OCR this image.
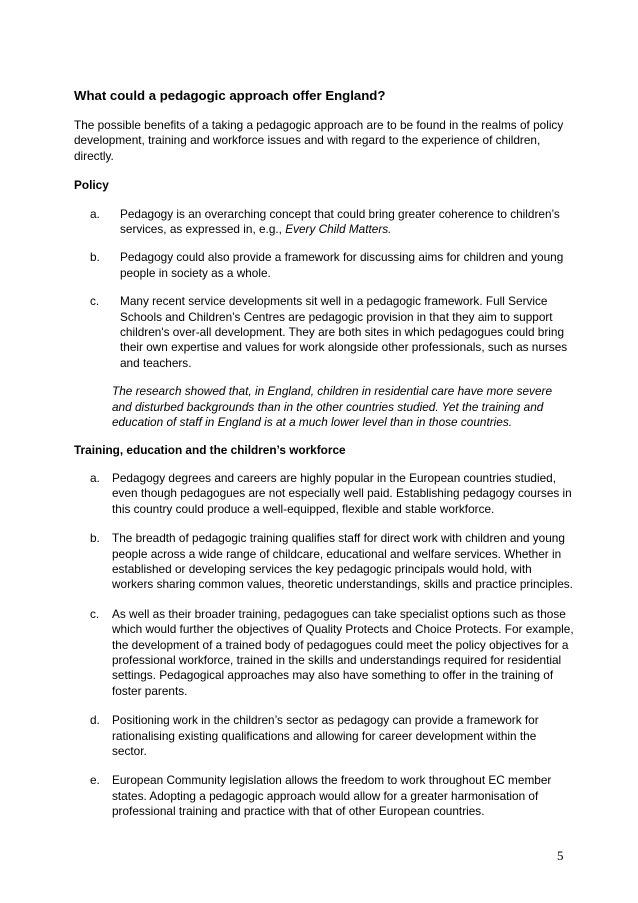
What could a pedagogic approach offer England?
The possible benefits of a taking a pedagogic approach are to be found in the realms of policy development, training and workforce issues and with regard to the experience of children, directly.
Policy
a.	Pedagogy is an overarching concept that could bring greater coherence to children’s services, as expressed in, e.g., Every Child Matters.
b.	Pedagogy could also provide a framework for discussing aims for children and young people in society as a whole.
c.	Many recent service developments sit well in a pedagogic framework. Full Service Schools and Children’s Centres are pedagogic provision in that they aim to support children's over-all development. They are both sites in which pedagogues could bring their own expertise and values for work alongside other professionals, such as nurses and teachers.
The research showed that, in England, children in residential care have more severe and disturbed backgrounds than in the other countries studied. Yet the training and education of staff in England is at a much lower level than in those countries.
Training, education and the children’s workforce
a.	Pedagogy degrees and careers are highly popular in the European countries studied, even though pedagogues are not especially well paid. Establishing pedagogy courses in this country could produce a well-equipped, flexible and stable workforce.
b.	The breadth of pedagogic training qualifies staff for direct work with children and young people across a wide range of childcare, educational and welfare services. Whether in established or developing services the key pedagogic principals would hold, with workers sharing common values, theoretic understandings, skills and practice principles.
c.	As well as their broader training, pedagogues can take specialist options such as those which would further the objectives of Quality Protects and Choice Protects. For example, the development of a trained body of pedagogues could meet the policy objectives for a professional workforce, trained in the skills and understandings required for residential settings. Pedagogical approaches may also have something to offer in the training of foster parents.
d.	Positioning work in the children’s sector as pedagogy can provide a framework for rationalising existing qualifications and allowing for career development within the sector.
e.	European Community legislation allows the freedom to work throughout EC member states. Adopting a pedagogic approach would allow for a greater harmonisation of professional training and practice with that of other European countries.
5
